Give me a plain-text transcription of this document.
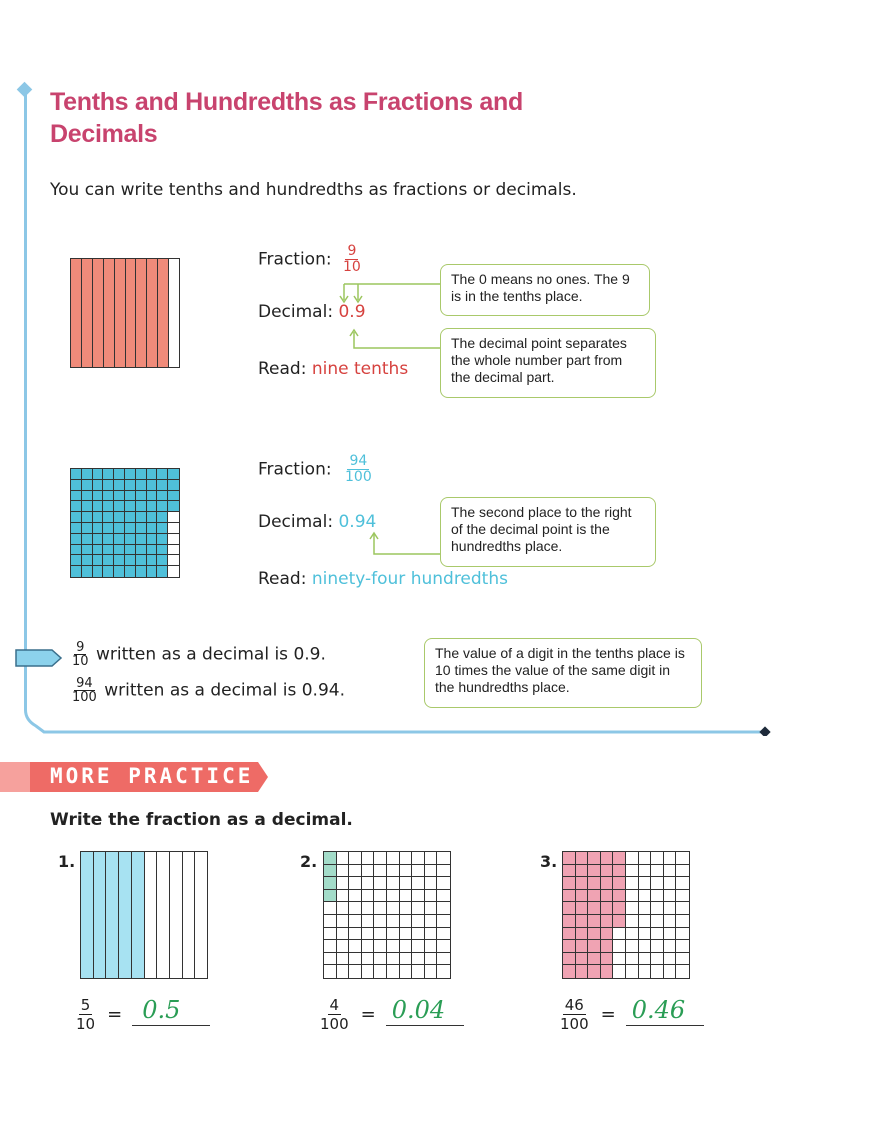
Tenths and Hundredths as Fractions and Decimals
You can write tenths and hundredths as fractions or decimals.
Fraction: $\frac{9}{10}$
Decimal: 0.9
Read: nine tenths
The 0 means no ones. The 9 is in the tenths place.
The decimal point separates the whole number part from the decimal part.
Fraction: $\frac{94}{100}$
Decimal: 0.94
Read: ninety-four hundredths
The second place to the right of the decimal point is the hundredths place.
$\frac{9}{10}$ written as a decimal is 0.9.
$\frac{94}{100}$ written as a decimal is 0.94.
The value of a digit in the tenths place is 10 times the value of the same digit in the hundredths place.
MORE PRACTICE
Write the fraction as a decimal.
1.
$\frac{5}{10} = 0.5$
2.
$\frac{4}{100} = 0.04$
3.
$\frac{46}{100} = 0.46$
